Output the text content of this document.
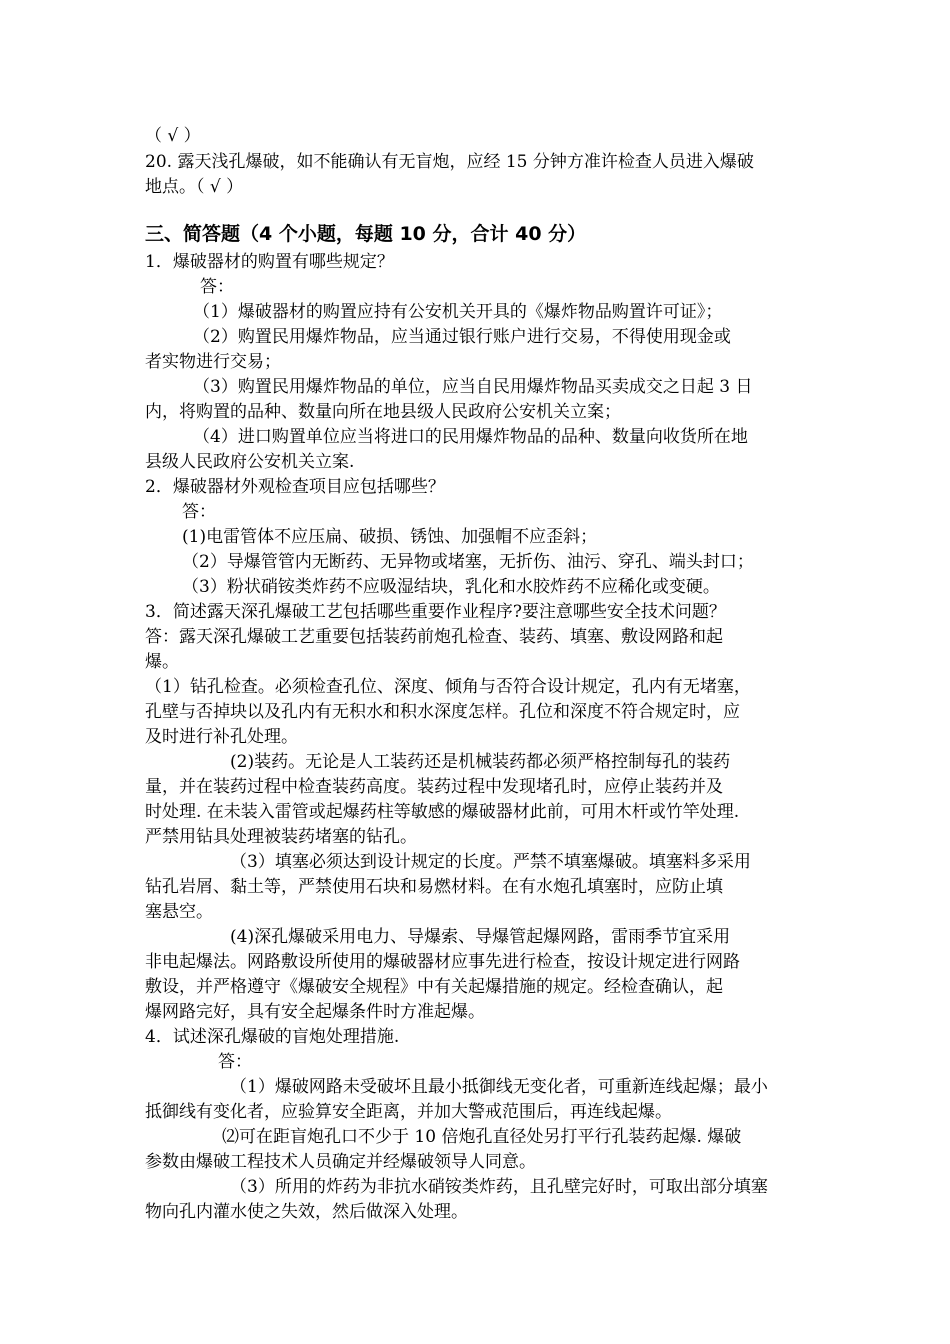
（ √ ）
20. 露天浅孔爆破，如不能确认有无盲炮，应经 15 分钟方准许检查人员进入爆破
地点。（ √ ）
三、简答题（4 个小题，每题 10 分，合计 40 分）
1．爆破器材的购置有哪些规定？
答：
（1）爆破器材的购置应持有公安机关开具的《爆炸物品购置许可证》；
（2）购置民用爆炸物品，应当通过银行账户进行交易，不得使用现金或
者实物进行交易；
（3）购置民用爆炸物品的单位，应当自民用爆炸物品买卖成交之日起 3 日
内，将购置的品种、数量向所在地县级人民政府公安机关立案；
（4）进口购置单位应当将进口的民用爆炸物品的品种、数量向收货所在地
县级人民政府公安机关立案.
2．爆破器材外观检查项目应包括哪些？
答：
(1)电雷管体不应压扁、破损、锈蚀、加强帽不应歪斜；
（2）导爆管管内无断药、无异物或堵塞，无折伤、油污、穿孔、端头封口；
（3）粉状硝铵类炸药不应吸湿结块，乳化和水胶炸药不应稀化或变硬。
3．简述露天深孔爆破工艺包括哪些重要作业程序?要注意哪些安全技术问题？
答：露天深孔爆破工艺重要包括装药前炮孔检查、装药、填塞、敷设网路和起
爆。
（1）钻孔检查。必须检查孔位、深度、倾角与否符合设计规定，孔内有无堵塞，
孔壁与否掉块以及孔内有无积水和积水深度怎样。孔位和深度不符合规定时，应
及时进行补孔处理。
(2)装药。无论是人工装药还是机械装药都必须严格控制每孔的装药
量，并在装药过程中检查装药高度。装药过程中发现堵孔时，应停止装药并及
时处理. 在未装入雷管或起爆药柱等敏感的爆破器材此前，可用木杆或竹竿处理.
严禁用钻具处理被装药堵塞的钻孔。
（3）填塞必须达到设计规定的长度。严禁不填塞爆破。填塞料多采用
钻孔岩屑、黏土等，严禁使用石块和易燃材料。在有水炮孔填塞时，应防止填
塞悬空。
(4)深孔爆破采用电力、导爆索、导爆管起爆网路，雷雨季节宜采用
非电起爆法。网路敷设所使用的爆破器材应事先进行检查，按设计规定进行网路
敷设，并严格遵守《爆破安全规程》中有关起爆措施的规定。经检查确认，起
爆网路完好，具有安全起爆条件时方准起爆。
4．试述深孔爆破的盲炮处理措施.
答：
（1）爆破网路未受破坏且最小抵御线无变化者，可重新连线起爆；最小
抵御线有变化者，应验算安全距离，并加大警戒范围后，再连线起爆。
⑵可在距盲炮孔口不少于 10 倍炮孔直径处另打平行孔装药起爆. 爆破
参数由爆破工程技术人员确定并经爆破领导人同意。
（3）所用的炸药为非抗水硝铵类炸药，且孔壁完好时，可取出部分填塞
物向孔内灌水使之失效，然后做深入处理。
